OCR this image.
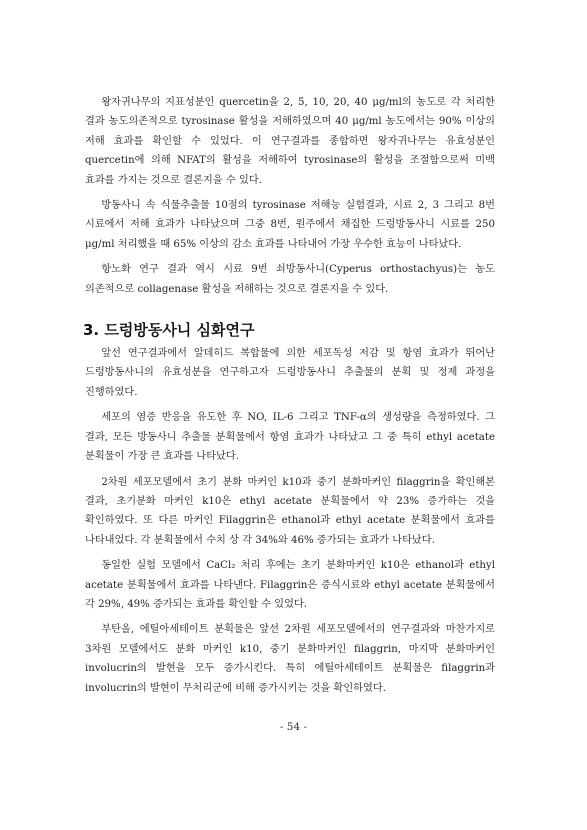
왕자귀나무의 지표성분인 quercetin을 2, 5, 10, 20, 40 μg/ml의 농도로 각 처리한 결과 농도의존적으로 tyrosinase 활성을 저해하였으며 40 μg/ml 농도에서는 90% 이상의 저해 효과를 확인할 수 있었다. 이 연구결과를 종합하면 왕자귀나무는 유효성분인 quercetin에 의해 NFAT의 활성을 저해하여 tyrosinase의 활성을 조절함으로써 미백 효과를 가지는 것으로 결론지을 수 있다.

방동사니 속 식물추출물 10점의 tyrosinase 저해능 실험결과, 시료 2, 3 그리고 8번 시료에서 저해 효과가 나타났으며 그중 8번, 원주에서 채집한 드렁방동사니 시료를 250 μg/ml 처리했을 때 65% 이상의 감소 효과를 나타내어 가장 우수한 효능이 나타났다.

항노화 연구 결과 역시 시료 9번 쇠방동사니(Cyperus orthostachyus)는 농도 의존적으로 collagenase 활성을 저해하는 것으로 결론지을 수 있다.

3. 드렁방동사니 심화연구

앞선 연구결과에서 알데히드 복합물에 의한 세포독성 저감 및 항염 효과가 뛰어난 드렁방동사니의 유효성분을 연구하고자 드렁방동사니 추출물의 분획 및 정제 과정을 진행하였다.

세포의 염증 반응을 유도한 후 NO, IL-6 그리고 TNF-α의 생성량을 측정하였다. 그 결과, 모든 방동사니 추출물 분획물에서 항염 효과가 나타났고 그 중 특히 ethyl acetate 분획물이 가장 큰 효과를 나타났다.

2차원 세포모델에서 초기 분화 마커인 k10과 중기 분화마커인 filaggrin을 확인해본 결과, 초기분화 마커인 k10은 ethyl acetate 분획물에서 약 23% 증가하는 것을 확인하였다. 또 다른 마커인 Filaggrin은 ethanol과 ethyl acetate 분획물에서 효과를 나타내었다. 각 분획물에서 수치 상 각 34%와 46% 증가되는 효과가 나타났다.

동일한 실험 모델에서 CaCl₂ 처리 후에는 초기 분화마커인 k10은 ethanol과 ethyl acetate 분획물에서 효과를 나타낸다. Filaggrin은 증식시료와 ethyl acetate 분획물에서 각 29%, 49% 증가되는 효과를 확인할 수 있었다.

부탄올, 에틸아세테이트 분획물은 앞선 2차원 세포모델에서의 연구결과와 마찬가지로 3차원 모델에서도 분화 마커인 k10, 중기 분화마커인 filaggrin, 마지막 분화마커인 involucrin의 발현을 모두 증가시킨다. 특히 에틸아세테이트 분획물은 filaggrin과 involucrin의 발현이 무처리군에 비해 증가시키는 것을 확인하였다.

- 54 -
